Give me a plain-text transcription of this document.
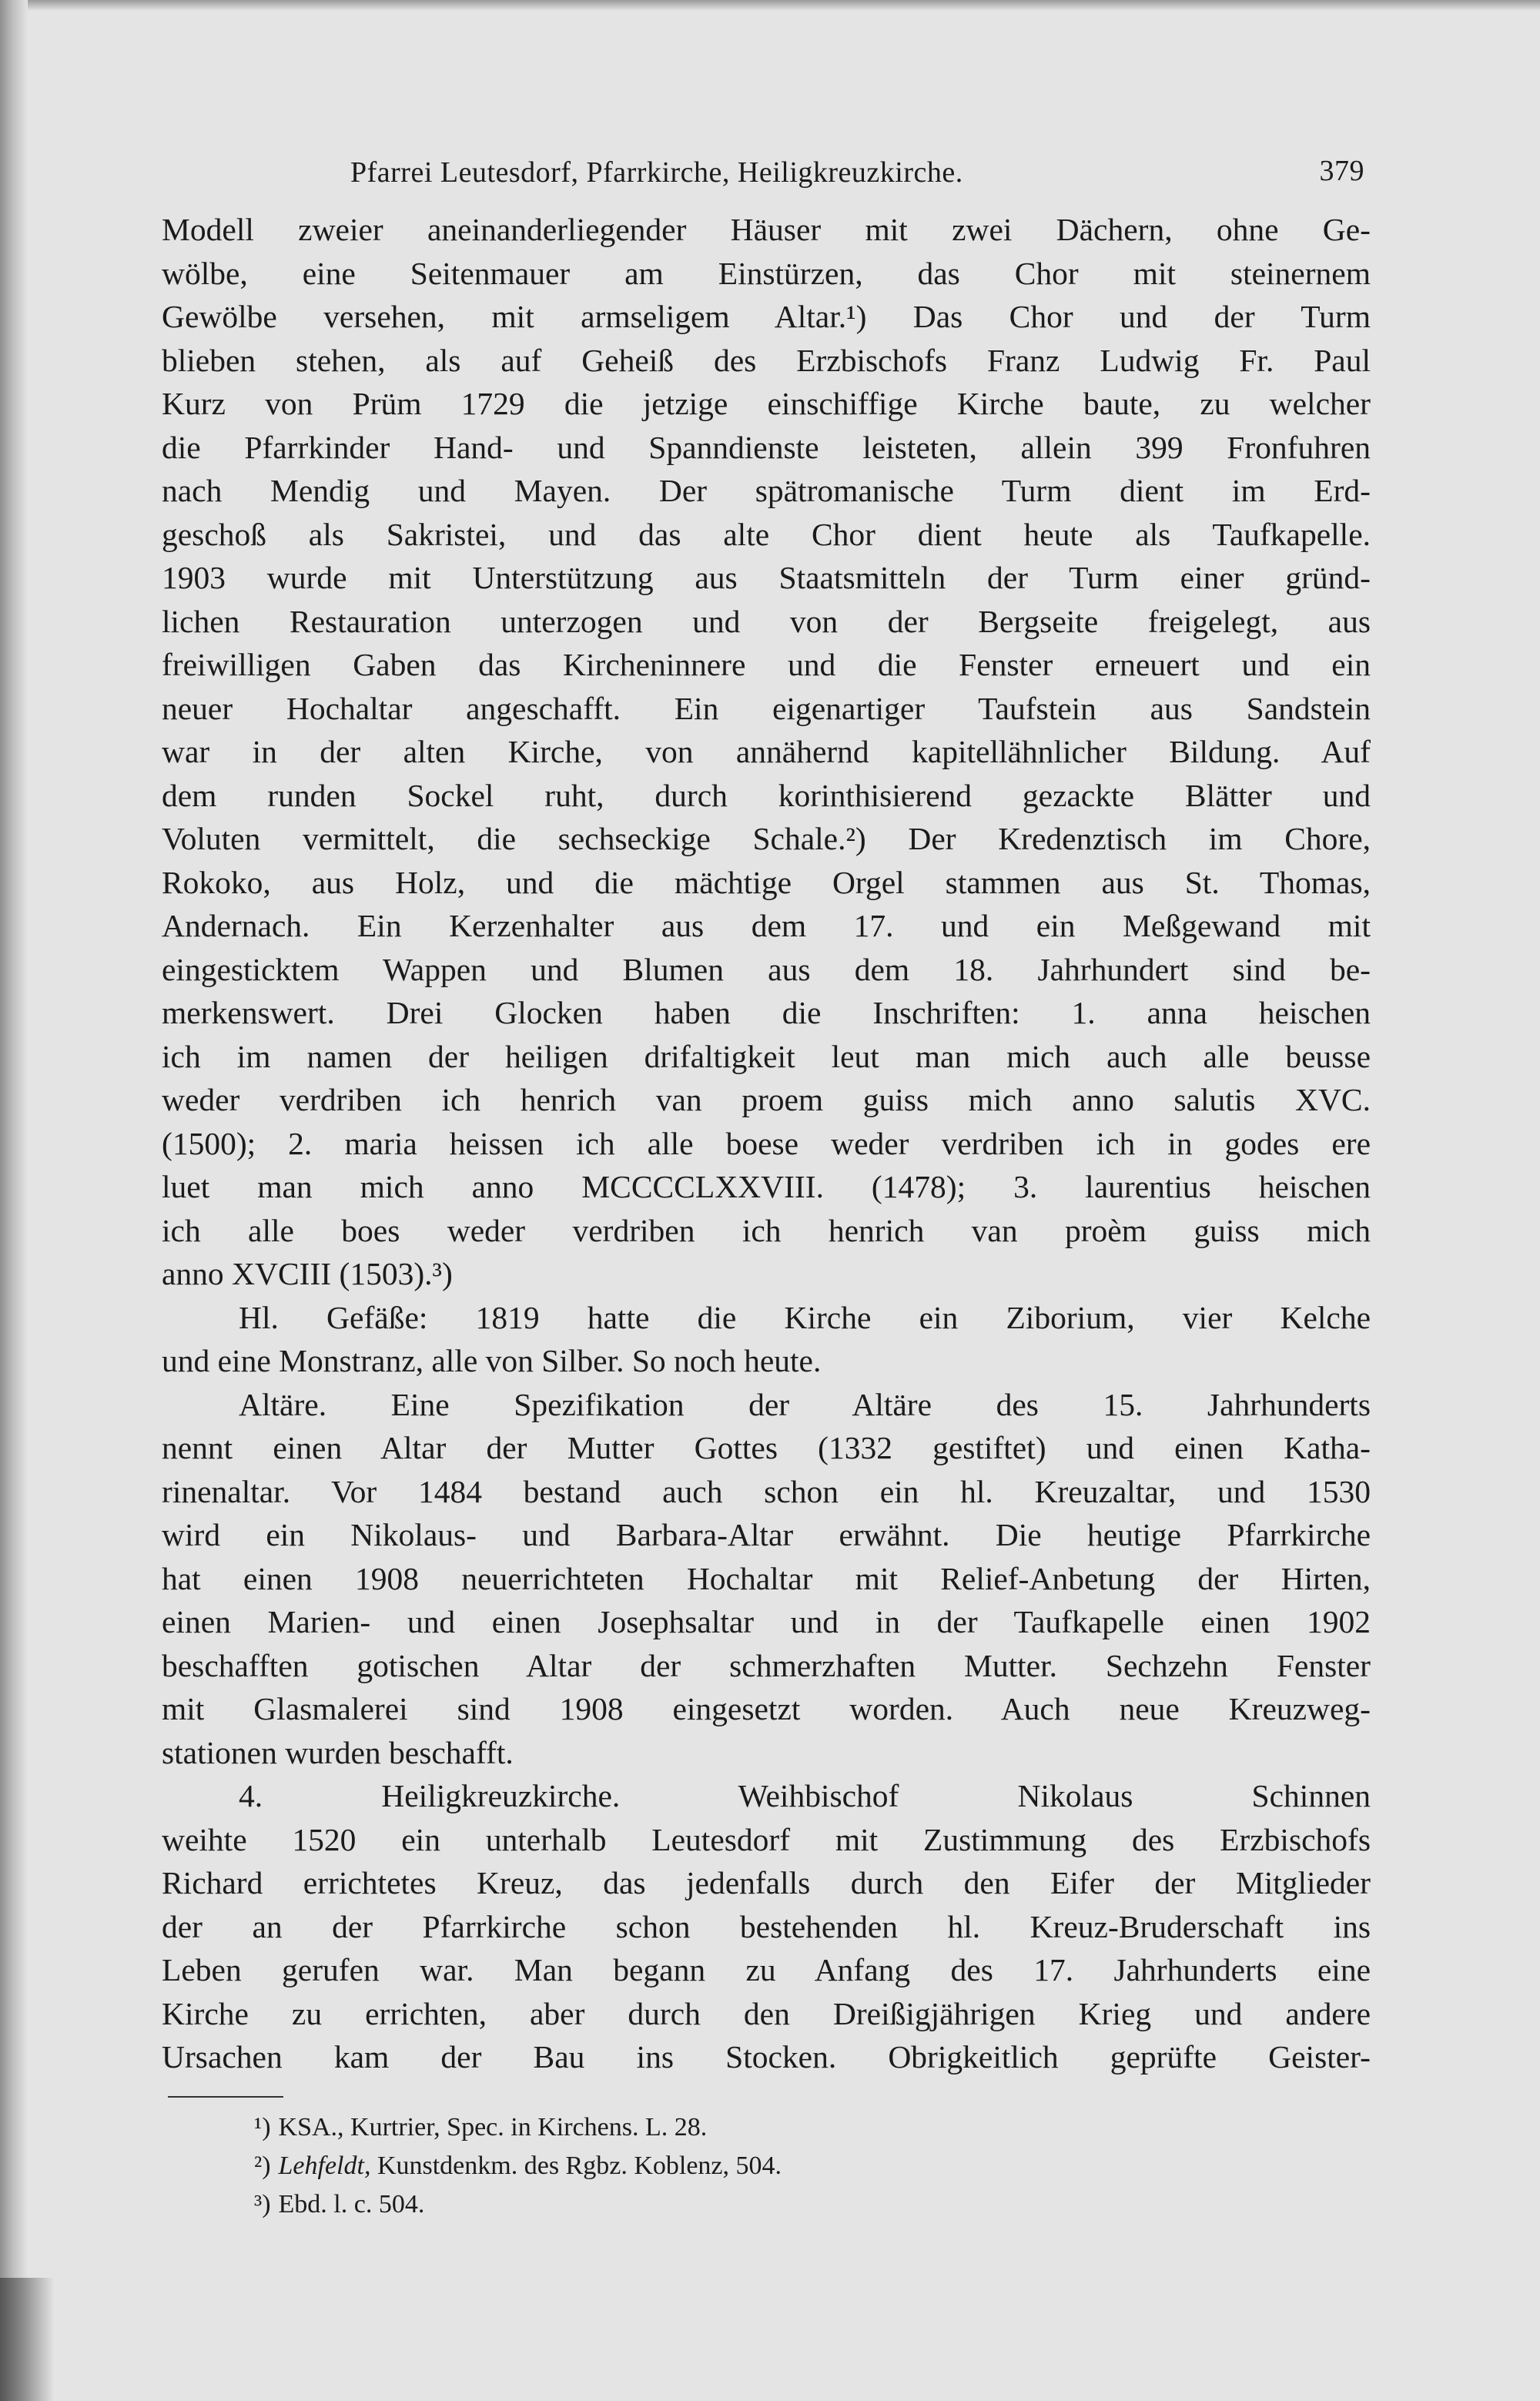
Pfarrei Leutesdorf, Pfarrkirche, Heiligkreuzkirche.	379
Modell zweier aneinanderliegender Häuser mit zwei Dächern, ohne Ge-
wölbe, eine Seitenmauer am Einstürzen, das Chor mit steinernem
Gewölbe versehen, mit armseligem Altar.¹) Das Chor und der Turm
blieben stehen, als auf Geheiß des Erzbischofs Franz Ludwig Fr. Paul
Kurz von Prüm 1729 die jetzige einschiffige Kirche baute, zu welcher
die Pfarrkinder Hand- und Spanndienste leisteten, allein 399 Fronfuhren
nach Mendig und Mayen. Der spätromanische Turm dient im Erd-
geschoß als Sakristei, und das alte Chor dient heute als Taufkapelle.
1903 wurde mit Unterstützung aus Staatsmitteln der Turm einer gründ-
lichen Restauration unterzogen und von der Bergseite freigelegt, aus
freiwilligen Gaben das Kircheninnere und die Fenster erneuert und ein
neuer Hochaltar angeschafft. Ein eigenartiger Taufstein aus Sandstein
war in der alten Kirche, von annähernd kapitellähnlicher Bildung. Auf
dem runden Sockel ruht, durch korinthisierend gezackte Blätter und
Voluten vermittelt, die sechseckige Schale.²) Der Kredenztisch im Chore,
Rokoko, aus Holz, und die mächtige Orgel stammen aus St. Thomas,
Andernach. Ein Kerzenhalter aus dem 17. und ein Meßgewand mit
eingesticktem Wappen und Blumen aus dem 18. Jahrhundert sind be-
merkenswert. Drei Glocken haben die Inschriften: 1. anna heischen
ich im namen der heiligen drifaltigkeit leut man mich auch alle beusse
weder verdriben ich henrich van proem guiss mich anno salutis XVC.
(1500); 2. maria heissen ich alle boese weder verdriben ich in godes ere
luet man mich anno MCCCCLXXVIII. (1478); 3. laurentius heischen
ich alle boes weder verdriben ich henrich van proèm guiss mich
anno XVCIII (1503).³)
Hl. Gefäße: 1819 hatte die Kirche ein Ziborium, vier Kelche
und eine Monstranz, alle von Silber. So noch heute.
Altäre. Eine Spezifikation der Altäre des 15. Jahrhunderts
nennt einen Altar der Mutter Gottes (1332 gestiftet) und einen Katha-
rinenaltar. Vor 1484 bestand auch schon ein hl. Kreuzaltar, und 1530
wird ein Nikolaus- und Barbara-Altar erwähnt. Die heutige Pfarrkirche
hat einen 1908 neuerrichteten Hochaltar mit Relief-Anbetung der Hirten,
einen Marien- und einen Josephsaltar und in der Taufkapelle einen 1902
beschafften gotischen Altar der schmerzhaften Mutter. Sechzehn Fenster
mit Glasmalerei sind 1908 eingesetzt worden. Auch neue Kreuzweg-
stationen wurden beschafft.
4. Heiligkreuzkirche. Weihbischof Nikolaus Schinnen
weihte 1520 ein unterhalb Leutesdorf mit Zustimmung des Erzbischofs
Richard errichtetes Kreuz, das jedenfalls durch den Eifer der Mitglieder
der an der Pfarrkirche schon bestehenden hl. Kreuz-Bruderschaft ins
Leben gerufen war. Man begann zu Anfang des 17. Jahrhunderts eine
Kirche zu errichten, aber durch den Dreißigjährigen Krieg und andere
Ursachen kam der Bau ins Stocken. Obrigkeitlich geprüfte Geister-
¹) KSA., Kurtrier, Spec. in Kirchens. L. 28.
²) Lehfeldt, Kunstdenkm. des Rgbz. Koblenz, 504.
³) Ebd. l. c. 504.
